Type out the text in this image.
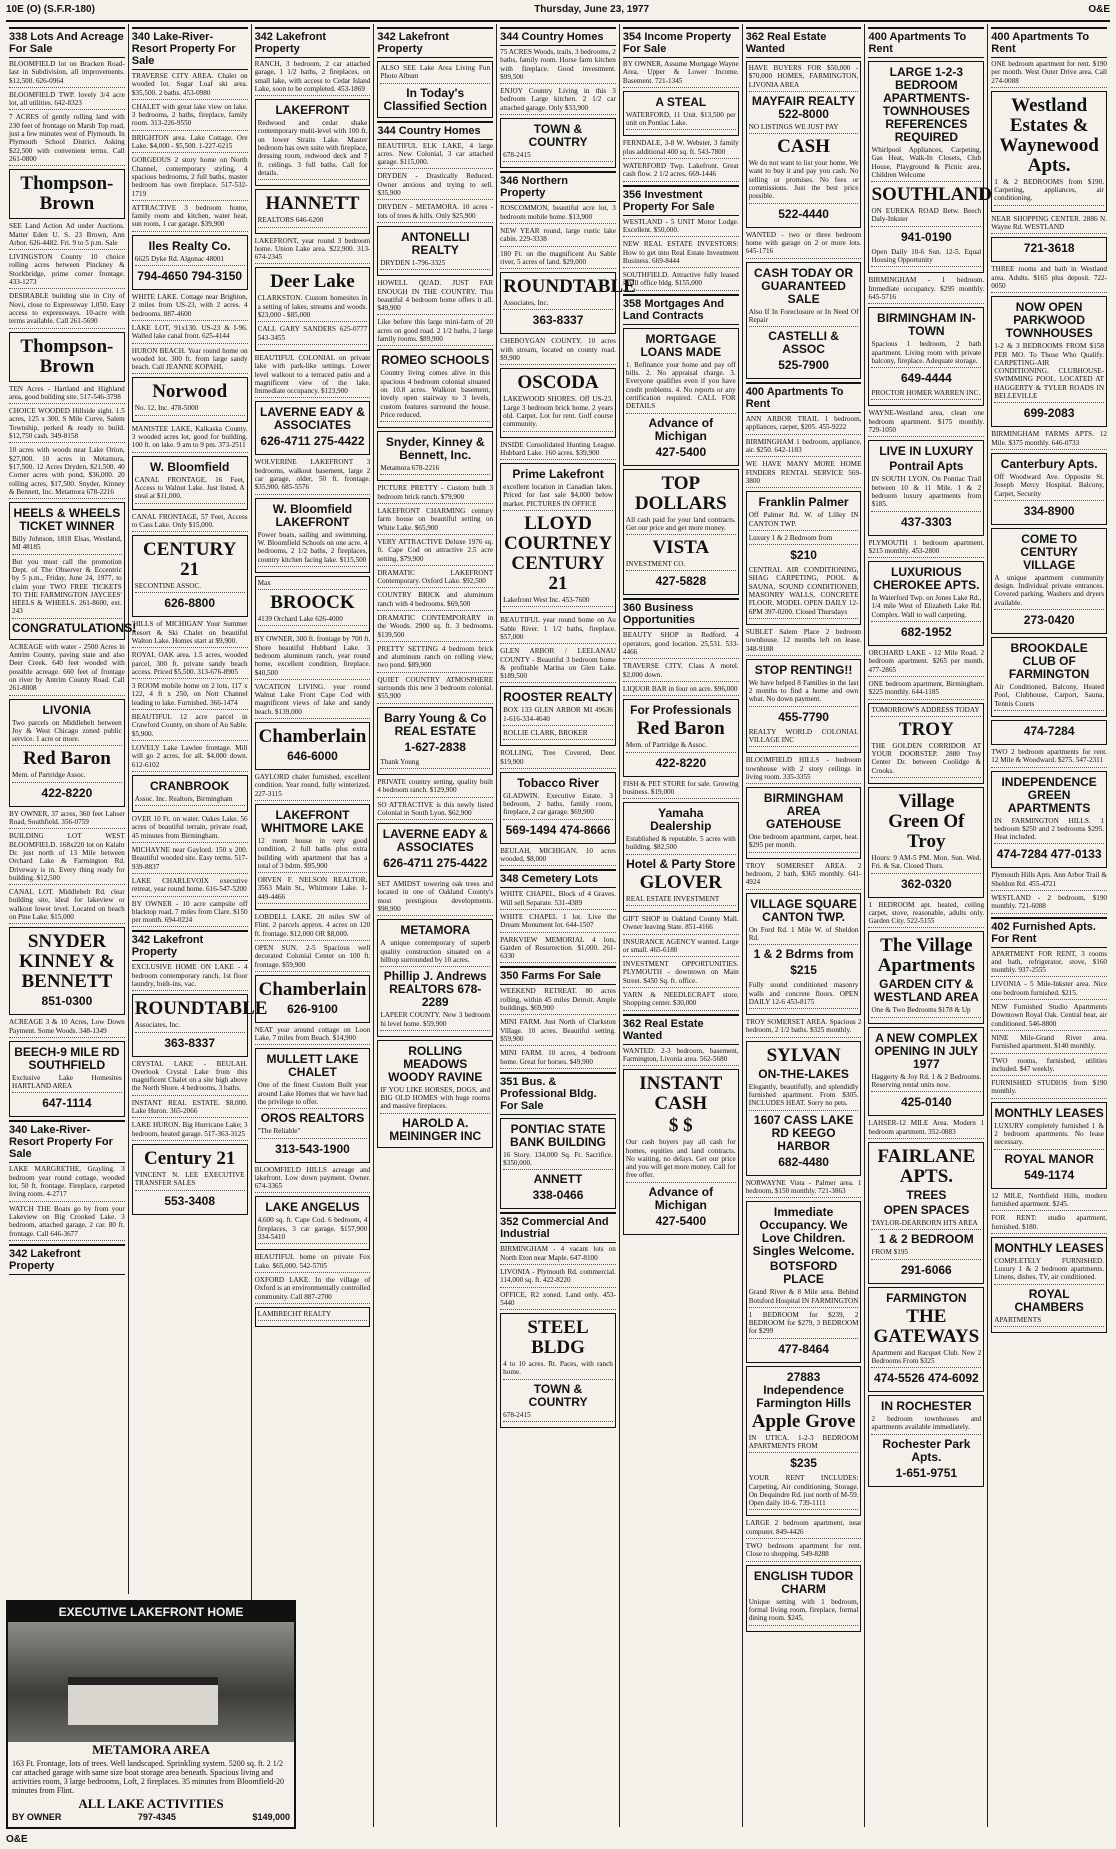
10E (O) (S.F.R-180)	Thursday, June 23, 1977	O&E
338 Lots And Acreage For Sale
BLOOMFIELD lot on Bracken Road-last in Subdivision, all improvements. $12,500. 626-0964
BLOOMFIELD TWP. lovely 3/4 acre lot, all utilities. 642-8323
7 ACRES of gently rolling land with 230 feet of frontage on Marsh Top road, just a few minutes west of Plymouth. In Plymouth School District. Asking $22,500 with convenient terms. Call 261-0800
Thompson-Brown
SEE Land Action Ad under Auctions. Matter Eden U. S. 23 Brown, Ann Arbor. 626-4482. Fri. 9 to 5 p.m. Sale
LIVINGSTON County 10 choice rolling acres between Pinckney & Stockbridge, prime corner frontage. 433-1273
DESIRABLE building site in City of Novi, close to Expressway 1,050. Easy access to expressways. 10-acre with terms available. Call 261-5690
Thompson-Brown
TEN Acres - Hartland and Highland area, good building site. 517-546-3798
CHOICE WOODED Hillside sight. 1.5 acres, 125 x 300. S Mile Curve, Salem Township, perked & ready to build. $12,750 cash. 349-8158
10 acres with woods near Lake Orion, $27,000. 10 acres in Metamora, $17,500. 12 Acres Dryden, $21,500. 40 Corner acres with pond, $36,000. 20 rolling acres, $17,500. Snyder, Kinney & Bennett, Inc. Metamora 678-2216
HEELS & WHEELS TICKET WINNER
Billy Johnson, 1818 Elsas, Westland, MI 48185
But you must call the promotion Dept. of The Observer & Eccentric by 5 p.m., Friday, June 24, 1977, to claim your TWO FREE TICKETS TO THE FARMINGTON JAYCEES' HEELS & WHEELS. 261-8600, ext. 243
CONGRATULATIONS!
ACREAGE with water - 2500 Acres in Antrim County, paving state and also Deer Creek. 640 feet wooded with possible acreage. 660 feet of frontage on river by Antrim County Road. Call 261-8008
LIVONIA
Two parcels on Middlebelt between Joy & West Chicago zoned public service. 1 acre or more.
Red Baron
Mem. of Partridge Assoc.
422-8220
BY OWNER, 37 acres, 360 feet Lahser Road, Southfield. 356-0759
BUILDING LOT WEST BLOOMFIELD. 168x220 lot on Kalahr Dr. just north of 13 Mile between Orchard Lake & Farmington Rd. Driveway is in. Every thing ready for building. $12,500
CANAL LOT. Middlebelt Rd. clear building site, ideal for lakeview or walkout lower level. Located on beach on Pine Lake. $15,000
SNYDER KINNEY & BENNETT
851-0300
ACREAGE 3 & 10 Acres, Low Down Payment. Some Woods. 348-1349
BEECH-9 MILE RD SOUTHFIELD
Exclusive Lake Homesites HARTLAND AREA
647-1114
340 Lake-River-Resort Property For Sale
LAKE MARGRETHE, Grayling. 3 bedroom year round cottage, wooded lot, 50 ft. frontage. Fireplace, carpeted living room. 4-2717
WATCH THE Boats go by from your Lakeview on Big Crooked Lake. 3 bedroom, attached garage, 2 car. 80 ft. frontage. Call 646-3677
342 Lakefront Property
340 Lake-River-Resort Property For Sale
TRAVERSE CITY AREA. Chalet on wooded lot. Sugar Loaf ski area. $35,500. 2 baths. 453-0980
CHALET with great lake view on lake. 3 bedrooms, 2 baths, fireplace, family room. 313-226-9550
BRIGHTON area. Lake Cottage. Ore Lake. $4,000 - $5,500. 1-227-6215
GORGEOUS 2 story home on North Channel, contemporary styling, 4 spacious bedrooms, 2 full baths, master bedroom has own fireplace. 517-532-1719
ATTRACTIVE 3 bedroom home, family room and kitchen, water heat, sun room, 1 car garage. $39,900
Iles Realty Co.
6625 Dyke Rd. Algonac 48001
794-4650 794-3150
WHITE LAKE. Cottage near Brighton, 2 miles from US-23, with 2 acres. 4 bedrooms. 887-4600
LAKE LOT, 91x130. US-23 & I-96. Walled lake canal front. 625-4144
HURON BEACH. Year round home on wooded lot. 300 ft. from large sandy beach. Call JEANNE KOPAHL
Norwood
No. 12, Inc. 478-5000
MANISTEE LAKE, Kalkaska County. 3 wooded acres lot, good for building. 100 ft. on lake. 9 am to 9 pm. 373-2511
W. Bloomfield
CANAL FRONTAGE, 16 Feet, Access to Walnut Lake. Just listed. A steal at $11,000.
CANAL FRONTAGE, 57 Feet, Access to Cass Lake. Only $15,000.
CENTURY 21
SECONTINE ASSOC.
626-8800
'HILLS of MICHIGAN' Your Summer Resort & Ski Chalet on beautiful Walton Lake. Homes start at $9,900.
ROYAL OAK area. 1.5 acres, wooded parcel, 300 ft. private sandy beach access. Priced $5,500. 313-676-8905
3 ROOM mobile home on 2 lots, 117 x 122, 4 ft x 250, on Nott Channel leading to lake. Furnished. 366-1474
BEAUTIFUL 12 acre parcel in Crawford County, on shore of Au Sable. $5,900.
LOVELY Lake Lawlee frontage. Mill will go 2 acres, for all. $4,000 down. 612-6102
CRANBROOK
Assoc. Inc. Realtors, Birmingham
OVER 10 Ft. on water. Oakes Lake. 56 acres of beautiful terrain, private road, 45 minutes from Birmingham.
MICHAYNE near Gaylord. 150 x 200. Beautiful wooded site. Easy terms. 517-939-8837
LAKE CHARLEVOIX executive retreat, year round home. 616-547-5200
BY OWNER - 10 acre campsite off blacktop road, 7 miles from Clare. $150 per month. 694-0224
342 Lakefront Property
EXCLUSIVE HOME ON LAKE - 4 bedroom contemporary ranch, 1st floor laundry, built-ins, vac.
ROUNDTABLE
Associates, Inc.
363-8337
CRYSTAL LAKE - BEULAH. Overlook Crystal Lake from this magnificent Chalet on a site high above the North Shore. 4 bedrooms, 3 baths.
INSTANT REAL ESTATE. $8,000. Lake Huron. 365-2066
LAKE HURON. Big Hurricane Lake; 3 bedroom, heated garage. 517-363-3125
Century 21
VINCENT N. LEE EXECUTIVE TRANSFER SALES
553-3408
342 Lakefront Property
RANCH, 3 bedroom, 2 car attached garage, 1 1/2 baths, 2 fireplaces, on small lake, with access to Cedar Island Lake, soon to be completed. 453-1869
LAKEFRONT
Redwood and cedar shake contemporary multi-level with 100 ft. on lower Straits Lake. Master bedroom has own suite with fireplace, dressing room, redwood deck and 7 ft. ceilings. 3 full baths. Call for details.
HANNETT
REALTORS 646-6200
LAKEFRONT, year round 3 bedroom home. Union Lake area. $22,900. 313-674-2345
Deer Lake
CLARKSTON. Custom homesites in a setting of lakes, streams and woods. $23,000 - $85,000
CALL GARY SANDERS 625-0777 543-3455
BEAUTIFUL COLONIAL on private lake with park-like settings. Lower level walkout to a terraced patio and a magnificent view of the lake. Immediate occupancy. $123,900
LAVERNE EADY & ASSOCIATES
626-4711 275-4422
WOLVERINE LAKEFRONT 3 bedrooms, walkout basement, large 2 car garage, older, 50 ft. frontage. $35,900. 685-5576
W. Bloomfield LAKEFRONT
Power boats, sailing and swimming. W. Bloomfield Schools on one acre. 4 bedrooms, 2 1/2 baths, 2 fireplaces, country kitchen facing lake. $115,500
Max
BROOCK
4139 Orchard Lake 626-4000
BY OWNER, 300 ft. frontage by 700 ft. Shore beautiful Hubbard Lake. 3 bedroom aluminum ranch, year round home, excellent condition, fireplace. $40,500
VACATION LIVING. year round Walnut Lake Front Cape Cod with magnificent views of lake and sandy beach. $139,000
Chamberlain
646-6000
GAYLORD chalet furnished, excellent condition. Year round, fully winterized. 227-3115
LAKEFRONT WHITMORE LAKE
12 room house in very good condition, 2 full baths plus extra building with apartment that has a total of 3 bdrm. $95,900
ORVEN F. NELSON REALTOR, 3563 Main St., Whitmore Lake. 1-449-4466
LOBDELL LAKE. 20 miles SW of Flint. 2 parcels approx. 4 acres on 120 ft. frontage. $12,000 OR $8,000.
OPEN SUN. 2-5 Spacious well decorated Colonial Center on 100 ft. frontage. $59,900
Chamberlain
626-9100
NEAT year around cottage on Loon Lake, 7 miles from Beach. $14,900
MULLETT LAKE CHALET
One of the finest Custom Built year around Lake Homes that we have had the privilege to offer.
OROS REALTORS
"The Reliable"
313-543-1900
BLOOMFIELD HILLS acreage and lakefront. Low down payment. Owner. 674-3365
LAKE ANGELUS
4,600 sq. ft. Cape Cod. 6 bedroom, 4 fireplaces, 3 car garage. $157,900 334-5410
BEAUTIFUL home on private Fox Lake. $65,000. 542-5705
OXFORD LAKE. In the village of Oxford is an environmentally controlled community. Call 887-2700
LAMBRECHT REALTY
342 Lakefront Property
ALSO SEE Lake Area Living Fun Photo Album
In Today's Classified Section
344 Country Homes
BEAUTIFUL ELK LAKE, 4 large acres. New Colonial, 3 car attached garage. $115,000.
DRYDEN - Drastically Reduced. Owner anxious and trying to sell. $35,900
DRYDEN - METAMORA. 10 acres - lots of trees & hills. Only $25,900
ANTONELLI REALTY
DRYDEN 1-796-3325
HOWELL QUAD. JUST FAR ENOUGH IN THE COUNTRY. This beautiful 4 bedroom home offers it all. $49,900
Like before this large mini-farm of 20 acres on good road. 2 1/2 baths, 2 large family rooms. $89,900
ROMEO SCHOOLS
Country living comes alive in this spacious 4 bedroom colonial situated on 10.8 acres. Walkout basement, lovely open stairway to 3 levels, custom features surround the house. Price reduced.
Snyder, Kinney & Bennett, Inc.
Metamora 678-2216
PICTURE PRETTY - Custom built 3 bedroom brick ranch. $79,900
LAKEFRONT CHARMING century farm house on beautiful setting on White Lake. $65,900
VERY ATTRACTIVE Deluxe 1976 sq. ft. Cape Cod on attractive 2.5 acre setting. $79,900
DRAMATIC LAKEFRONT Contemporary. Oxford Lake. $92,500
COUNTRY BRICK and aluminum ranch with 4 bedrooms. $69,500
DRAMATIC CONTEMPORARY in the Woods. 2900 sq. ft. 3 bedrooms. $139,500
PRETTY SETTING 4 bedroom brick and aluminum ranch on rolling view, two pond. $89,900
QUIET COUNTRY ATMOSPHERE surrounds this new 3 bedroom colonial. $55,900
Barry Young & Co REAL ESTATE
1-627-2838
Thank Young
PRIVATE country setting, quality built 4 bedroom ranch. $129,900
SO ATTRACTIVE is this newly listed Colonial in South Lyon. $62,900
LAVERNE EADY & ASSOCIATES
626-4711 275-4422
SET AMIDST towering oak trees and located in one of Oakland County's most prestigious developments. $98,900
METAMORA
A unique contemporary of superb quality construction situated on a hilltop surrounded by 10 acres.
Phillip J. Andrews REALTORS 678-2289
LAPEER COUNTY. New 3 bedroom hi level home. $59,900
ROLLING MEADOWS WOODY RAVINE
IF YOU LIKE HORSES, DOGS, and BIG OLD HOMES with huge rooms and massive fireplaces.
HAROLD A. MEININGER INC
344 Country Homes
75 ACRES Woods, trails, 3 bedrooms, 2 baths, family room. Horse farm kitchen with fireplace. Good investment. $99,500
ENJOY Country Living in this 3 bedroom Large kitchen. 2 1/2 car attached garage. Only $33,900
TOWN & COUNTRY
678-2415
346 Northern Property
ROSCOMMON, beautiful acre lot, 3 bedroom mobile home. $13,900
NEW YEAR round, large rustic lake cabin. 229-3338
180 Ft. on the magnificent Au Sable river, 5 acres of land. $29,000
ROUNDTABLE
Associates, Inc.
363-8337
CHEBOYGAN COUNTY. 10 acres with stream, located on county road. $9,900
OSCODA
LAKEWOOD SHORES. Off US-23. Large 3 bedroom brick home. 2 years old. Carpet. Lot for rent. Golf course community.
INSIDE Consolidated Hunting League. Hubbard Lake. 160 acres. $39,900
Prime Lakefront
excellent location in Canadian lakes. Priced for fast sale $4,000 below market. PICTURES IN OFFICE
LLOYD COURTNEY CENTURY 21
Lakefront West Inc. 453-7600
BEAUTIFUL year round home on Au Sable River. 1 1/2 baths, fireplace. $57,000
GLEN ARBOR / LEELANAU COUNTY - Beautiful 3 bedroom home & profitable Marina on Glen Lake. $189,500
ROOSTER REALTY
BOX 133 GLEN ARBOR MI 49636 1-616-334-4640
ROLLIE CLARK, BROKER
ROLLING, Tree Covered, Deer. $19,900
Tobacco River
GLADWIN. Executive Estate. 3 bedroom, 2 baths, family room, fireplace, 2 car garage. $69,900
569-1494 474-8666
BEULAH, MICHIGAN. 10 acres wooded, $8,000
348 Cemetery Lots
WHITE CHAPEL, Block of 4 Graves. Will sell Separate. 531-4389
WHITE CHAPEL 1 lot. Live the Dream Monument lot. 644-1507
PARKVIEW MEMORIAL 4 lots, Garden of Resurrection. $1,000. 261-6330
350 Farms For Sale
WEEKEND RETREAT. 80 acres rolling, within 45 miles Detroit. Ample buildings. $69,900
MINI FARM. Just North of Clarkston Village. 10 acres. Beautiful setting. $59,900
MINI FARM. 10 acres, 4 bedroom home. Great for horses. $49,900
351 Bus. & Professional Bldg. For Sale
PONTIAC STATE BANK BUILDING
16 Story. 134,000 Sq. Ft. Sacrifice. $350,000.
ANNETT
338-0466
352 Commercial And Industrial
BIRMINGHAM - 4 vacant lots on North Eton near Maple. 647-8100
LIVONIA - Plymouth Rd. commercial. 114,000 sq. ft. 422-8220
OFFICE, R2 zoned. Land only. 453-5440
STEEL BLDG
4 to 10 acres. Rt. Paces, with ranch home.
TOWN & COUNTRY
678-2415
354 Income Property For Sale
BY OWNER, Assume Mortgage Wayne Area, Upper & Lower Income. Basement. 721-1345
A STEAL
WATERFORD, 11 Unit. $13,500 per unit on Pontiac Lake.
FERNDALE, 3-8 W. Webster, 3 family plus additional 400 sq. ft. 543-7800
WATERFORD Twp. Lakefront. Great cash flow. 2 1/2 acres. 669-1446
356 Investment Property For Sale
WESTLAND - 5 UNIT Motor Lodge. Excellent. $50,000.
NEW REAL ESTATE INVESTORS: How to get into Real Estate Investment Business. 669-8444
SOUTHFIELD. Attractive fully leased small office bldg. $155,000
358 Mortgages And Land Contracts
MORTGAGE LOANS MADE
1. Refinance your home and pay off bills. 2. No appraisal charge. 3. Everyone qualifies even if you have credit problems. 4. No reports or any certification required. CALL FOR DETAILS
Advance of Michigan
427-5400
TOP DOLLARS
All cash paid for your land contracts. Get our price and get more money.
VISTA
INVESTMENT CO.
427-5828
360 Business Opportunities
BEAUTY SHOP in Redford. 4 operators, good location. 25,531. 533-4466
TRAVERSE CITY. Class A motel. $2,000 down.
LIQUOR BAR in four on acre. $96,000
For Professionals
Red Baron
Mem. of Partridge & Assoc.
422-8220
FISH & PET STORE for sale. Growing business. $19,000
Yamaha Dealership
Established & reputable. 5 acres with building. $82,500
Hotel & Party Store
GLOVER
REAL ESTATE INVESTMENT
GIFT SHOP in Oakland County Mall. Owner leaving State. 851-4166
INSURANCE AGENCY wanted. Large or small. 465-6180
INVESTMENT OPPORTUNITIES. PLYMOUTH - downtown on Main Street. $450 Sq. ft. office.
YARN & NEEDLECRAFT store. Shopping center. $30,000
362 Real Estate Wanted
WANTED: 2-3 bedroom, basement, Farmington, Livonia area. 562-5680
INSTANT CASH
$ $
Our cash buyers pay all cash for homes, equities and land contracts. No waiting, no delays. Get our price and you will get more money. Call for free offer.
Advance of Michigan
427-5400
362 Real Estate Wanted
HAVE BUYERS FOR $50,000 - $70,000 HOMES, FARMINGTON, LIVONIA AREA
MAYFAIR REALTY 522-8000
NO LISTINGS WE JUST PAY
CASH
We do not want to list your home. We want to buy it and pay you cash. No selling or promises. No fees or commissions. Just the best price possible.
522-4440
WANTED - two or three bedroom home with garage on 2 or more lots. 645-1716
CASH TODAY OR GUARANTEED SALE
Also If In Foreclosure or In Need Of Repair
CASTELLI & ASSOC
525-7900
400 Apartments To Rent
ANN ARBOR TRAIL 1 bedroom, appliances, carpet, $205. 455-9222
BIRMINGHAM 1 bedroom, appliance, air. $250. 642-1183
WE HAVE MANY MORE HOME FINDERS RENTAL SERVICE 569-3800
Franklin Palmer
Off Palmer Rd. W. of Lilley IN CANTON TWP.
Luxury 1 & 2 Bedroom from
$210
CENTRAL AIR CONDITIONING, SHAG CARPETING, POOL & SAUNA, SOUND CONDITIONED, MASONRY WALLS, CONCRETE FLOOR. MODEL OPEN DAILY 12-6PM 397-0200. Closed Thursdays
SUBLET Salem Place 2 bedroom townhouse. 12 months left on lease. 348-9188
STOP RENTING!!
We have helped 8 Families in the last 2 months to find a home and own what. No down payment.
455-7790
REALTY WORLD COLONIAL VILLAGE INC
BLOOMFIELD HILLS - bedroom townhouse with 2 story ceilings in living room. 335-3355
BIRMINGHAM AREA GATEHOUSE
One bedroom apartment, carpet, heat. $295 per month.
TROY SOMERSET AREA. 2 bedroom, 2 bath, $365 monthly. 641-4924
VILLAGE SQUARE CANTON TWP.
On Ford Rd. 1 Mile W. of Sheldon Rd.
1 & 2 Bdrms from
$215
Fully sound conditioned masonry walls and concrete floors. OPEN DAILY 12-6 453-8175
TROY SOMERSET AREA. Spacious 2 bedroom, 2 1/2 baths. $325 monthly.
SYLVAN
ON-THE-LAKES
Elegantly, beautifully, and splendidly furnished apartment. From $305. INCLUDES HEAT. Sorry no pets.
1607 CASS LAKE RD KEEGO HARBOR
682-4480
NORWAYNE Vista - Palmer area. 1 bedroom, $150 monthly. 721-3863
Immediate Occupancy. We Love Children. Singles Welcome.
BOTSFORD PLACE
Grand River & 8 Mile area. Behind Botsford Hospital IN FARMINGTON
1 BEDROOM for $239, 2 BEDROOM for $279, 3 BEDROOM for $299
477-8464
27883 Independence Farmington Hills
Apple Grove
IN UTICA. 1-2-3 BEDROOM APARTMENTS FROM
$235
YOUR RENT INCLUDES: Carpeting, Air conditioning, Storage. On Dequindre Rd. just north of M-59. Open daily 10-6. 739-1111
LARGE 2 bedroom apartment, near computer. 849-4426
TWO bedroom apartment for rent. Close to shopping. 549-8288
ENGLISH TUDOR CHARM
Unique setting with 1 bedroom, formal living room, fireplace, formal dining room. $245.
400 Apartments To Rent
LARGE 1-2-3 BEDROOM APARTMENTS-TOWNHOUSES REFERENCES REQUIRED
Whirlpool Appliances, Carpeting, Gas Heat, Walk-In Closets, Club House, Playground & Picnic area, Children Welcome
SOUTHLAND
ON EUREKA ROAD Betw. Beech Daly-Inkster
941-0190
Open Daily 10-6 Sun. 12-5. Equal Housing Opportunity
BIRMINGHAM - 1 bedroom. Immediate occupancy. $295 monthly. 645-5716
BIRMINGHAM IN-TOWN
Spacious 1 bedroom, 2 bath apartment. Living room with private balcony, fireplace. Adequate storage.
649-4444
PROCTOR HOMER WARREN INC.
WAYNE-Westland area, clean one bedroom apartment. $175 monthly. 729-1050
LIVE IN LUXURY
Pontrail Apts
IN SOUTH LYON. On Pontiac Trail between 10 & 11 Mile. 1 & 2 bedroom luxury apartments from $185.
437-3303
PLYMOUTH 1 bedroom apartment. $215 monthly. 453-2800
LUXURIOUS CHEROKEE APTS.
In Waterford Twp. on Jones Lake Rd., 1/4 mile West of Elizabeth Lake Rd. Complex. Wall to wall carpeting.
682-1952
ORCHARD LAKE - 12 Mile Road. 2 bedroom apartment. $265 per month. 477-2865
ONE bedroom apartment, Birmingham. $225 monthly. 644-1185
TOMORROW'S ADDRESS TODAY
TROY
THE GOLDEN CORRIDOR AT YOUR DOORSTEP. 2880 Troy Center Dr. between Coolidge & Crooks.
Village Green Of Troy
Hours: 9 AM-5 PM. Mon. Sun. Wed. Fri. & Sat. Closed Thurs.
362-0320
1 BEDROOM apt. heated, ceiling carpet, stove, reasonable, adults only. Garden City. 522-5155
The Village Apartments
GARDEN CITY & WESTLAND AREA
One & Two Bedrooms $178 & Up
A NEW COMPLEX OPENING IN JULY 1977
Haggerty & Joy Rd. 1 & 2 Bedrooms. Reserving rental units now.
425-0140
LAHSER-12 MILE Area. Modern 1 bedroom apartment. 352-0883
FAIRLANE APTS.
TREES
OPEN SPACES
TAYLOR-DEARBORN HTS AREA
1 & 2 BEDROOM
FROM $195
291-6066
FARMINGTON
THE GATEWAYS
Apartment and Racquet Club. New 2 Bedrooms From $325
474-5526 474-6092
IN ROCHESTER
2 bedroom townhouses and apartments available immediately.
Rochester Park Apts.
1-651-9751
400 Apartments To Rent
ONE bedroom apartment for rent. $190 per month. West Outer Drive area. Call 274-0088
Westland Estates & Waynewood Apts.
1 & 2 BEDROOMS from $190. Carpeting, appliances, air conditioning.
NEAR SHOPPING CENTER. 2886 N. Wayne Rd. WESTLAND
721-3618
THREE rooms and bath in Westland area. Adults. $165 plus deposit. 722-0050
NOW OPEN PARKWOOD TOWNHOUSES
1-2 & 3 BEDROOMS FROM $158 PER MO. To Those Who Qualify. CARPETING-AIR CONDITIONING, CLUBHOUSE-SWIMMING POOL. LOCATED AT HAGGERTY & TYLER ROADS IN BELLEVILLE
699-2083
BIRMINGHAM FARMS APTS. 12 Mile. $375 monthly. 646-0733
Canterbury Apts.
Off Woodward Ave. Opposite St. Joseph Mercy Hospital. Balcony, Carpet, Security
334-8900
COME TO CENTURY VILLAGE
A unique apartment community design. Individual private entrances. Covered parking. Washers and dryers available.
273-0420
BROOKDALE CLUB OF FARMINGTON
Air Conditioned, Balcony, Heated Pool, Clubhouse, Carport, Sauna, Tennis Courts
474-7284
TWO 2 bedroom apartments for rent. 12 Mile & Woodward. $275. 547-2311
INDEPENDENCE GREEN APARTMENTS
IN FARMINGTON HILLS. 1 bedroom $250 and 2 bedrooms $295. Heat included.
474-7284 477-0133
Plymouth Hills Apts. Ann Arbor Trail & Sheldon Rd. 455-4721
WESTLAND - 2 bedroom, $190 monthly. 721-6088
402 Furnished Apts. For Rent
APARTMENT FOR RENT, 3 rooms and bath, refrigerator, stove, $160 monthly. 937-2555
LIVONIA - 5 Mile-Inkster area. Nice one bedroom furnished. $215.
NEW Furnished Studio Apartments Downtown Royal Oak. Central heat, air conditioned. 546-8800
NINE Mile-Grand River area. Furnished apartment. $140 monthly.
TWO rooms, furnished, utilities included. $47 weekly.
FURNISHED STUDIOS from $190 monthly.
MONTHLY LEASES
LUXURY completely furnished 1 & 2 bedroom apartments. No lease necessary.
ROYAL MANOR
549-1174
12 MILE, Northfield Hills, modern furnished apartment. $245.
FOR RENT: studio apartment, furnished. $180.
MONTHLY LEASES
COMPLETELY FURNISHED. Luxury 1 & 2 bedroom apartments. Linens, dishes, TV, air conditioned.
ROYAL CHAMBERS
APARTMENTS
EXECUTIVE LAKEFRONT HOME
METAMORA AREA
163 Ft. Frontage, lots of trees. Well landscaped. Sprinkling system. 5200 sq. ft. 2 1/2 car attached garage with same size boat storage area beneath. Spacious living and activities room, 3 large bedrooms, Loft, 2 fireplaces. 35 minutes from Bloomfield-20 minutes from Flint.
ALL LAKE ACTIVITIES
BY OWNER	797-4345	$149,000
O&E
